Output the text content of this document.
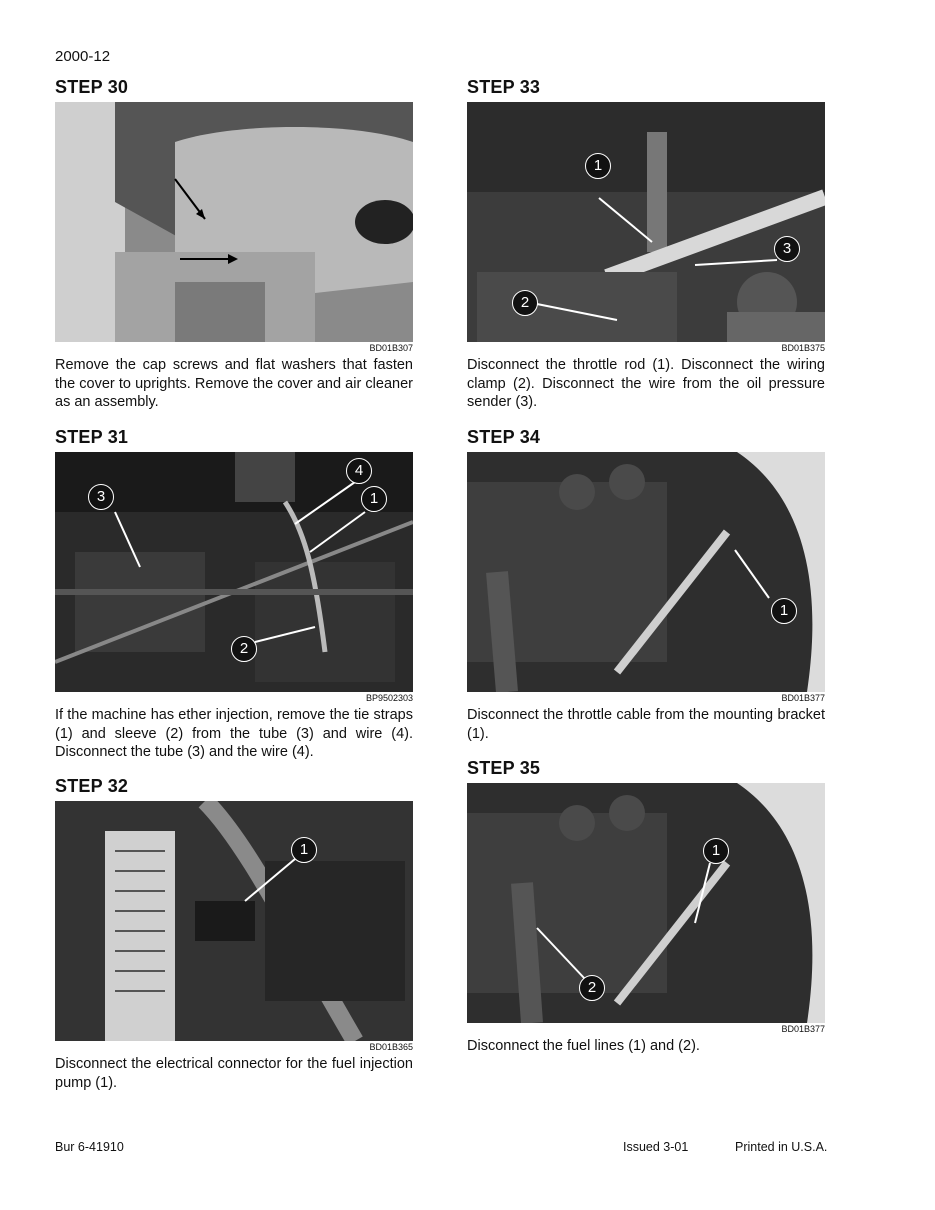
2000-12
STEP 30
BD01B307

Remove the cap screws and flat washers that fasten the cover to uprights. Remove the cover and air cleaner as an assembly.

STEP 31
4
1
3
2
BP9502303

If the machine has ether injection, remove the tie straps (1) and sleeve (2) from the tube (3) and wire (4). Disconnect the tube (3) and the wire (4).

STEP 32
1
BD01B365

Disconnect the electrical connector for the fuel injection pump (1).

STEP 33
1
3
2
BD01B375

Disconnect the throttle rod (1). Disconnect the wiring clamp (2). Disconnect the wire from the oil pressure sender (3).

STEP 34
1
BD01B377

Disconnect the throttle cable from the mounting bracket (1).

STEP 35
1
2
BD01B377

Disconnect the fuel lines (1) and (2).

Bur 6-41910	Issued 3-01	Printed in U.S.A.
